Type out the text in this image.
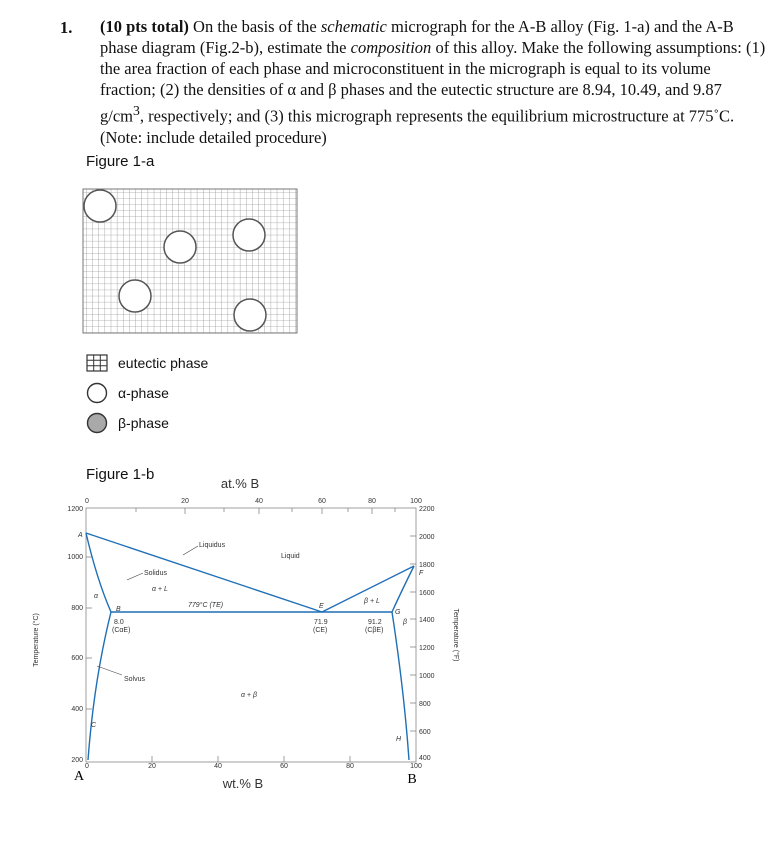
1. (10 pts total) On the basis of the schematic micrograph for the A-B alloy (Fig. 1-a) and the A-B phase diagram (Fig.2-b), estimate the composition of this alloy. Make the following assumptions: (1) the area fraction of each phase and microconstituent in the micrograph is equal to its volume fraction; (2) the densities of α and β phases and the eutectic structure are 8.94, 10.49, and 9.87 $g/cm^3$, respectively; and (3) this micrograph represents the equilibrium microstructure at 775˚C. (Note: include detailed procedure)
Figure 1-a
eutectic phase
α-phase
β-phase
Figure 1-b
at.% B
wt.% B
Temperature (°C)	Temperature (°F)
A	B
0	20	40	60	80	100
0	20	40	60	80	100
1200
1000
800
600
400
200
2200
2000
1800
1600
1400
1200
1000
800
600
400
A
B
C
E
F
G
H
α
α + L
β + L
α + β
β
Liquidus
Solidus
Liquid
Solvus
779°C (TE)
8.0
(CαE)
71.9
(CE)
91.2
(CβE)
